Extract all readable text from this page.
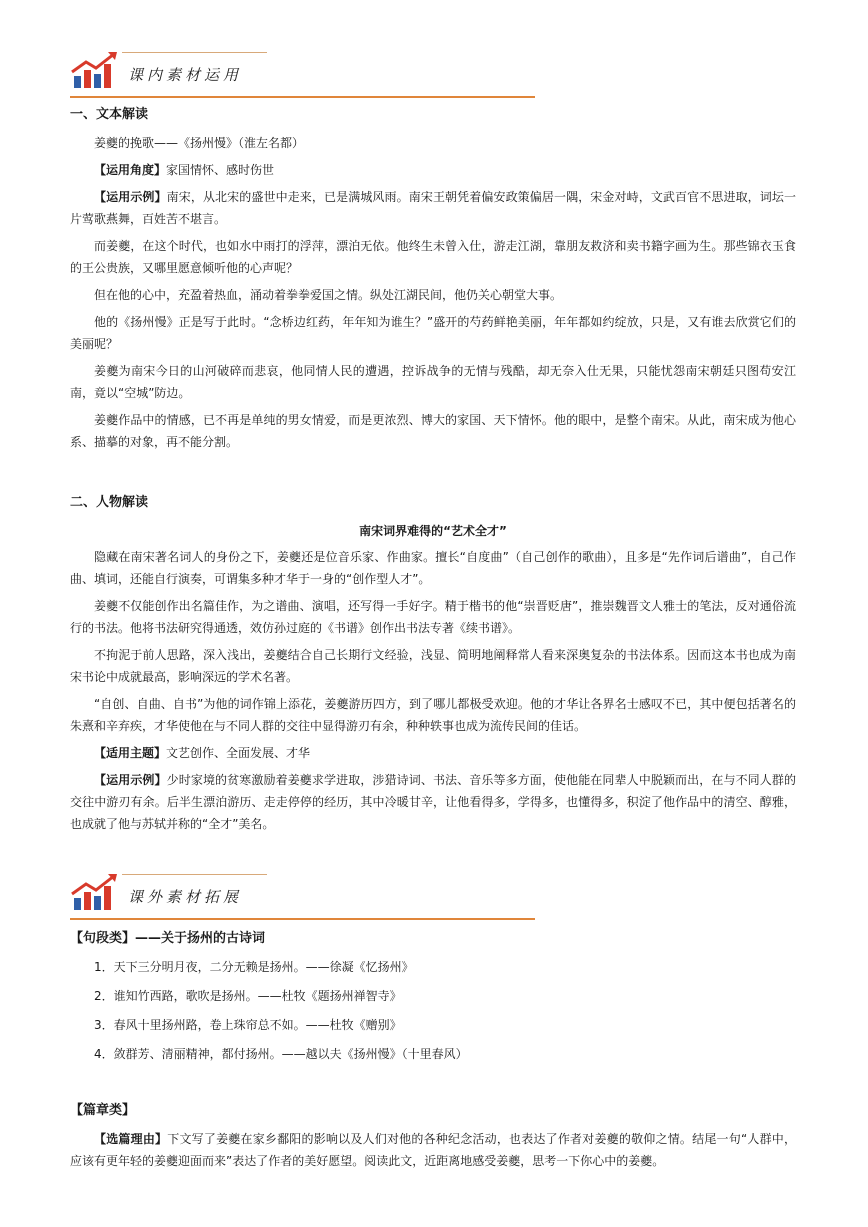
课内素材运用
一、文本解读

姜夔的挽歌——《扬州慢》（淮左名都）

【运用角度】家国情怀、感时伤世

【运用示例】南宋，从北宋的盛世中走来，已是满城风雨。南宋王朝凭着偏安政策偏居一隅，宋金对峙，文武百官不思进取，词坛一片莺歌燕舞，百姓苦不堪言。

而姜夔，在这个时代，也如水中雨打的浮萍，漂泊无依。他终生未曾入仕，游走江湖，靠朋友救济和卖书籍字画为生。那些锦衣玉食的王公贵族，又哪里愿意倾听他的心声呢？

但在他的心中，充盈着热血，涌动着拳拳爱国之情。纵处江湖民间，他仍关心朝堂大事。

他的《扬州慢》正是写于此时。“念桥边红药，年年知为谁生？”盛开的芍药鲜艳美丽，年年都如约绽放，只是，又有谁去欣赏它们的美丽呢？

姜夔为南宋今日的山河破碎而悲哀，他同情人民的遭遇，控诉战争的无情与残酷，却无奈入仕无果，只能忧怨南宋朝廷只图苟安江南，竟以“空城”防边。

姜夔作品中的情感，已不再是单纯的男女情爱，而是更浓烈、博大的家国、天下情怀。他的眼中，是整个南宋。从此，南宋成为他心系、描摹的对象，再不能分割。

二、人物解读
南宋词界难得的“艺术全才”

隐藏在南宋著名词人的身份之下，姜夔还是位音乐家、作曲家。擅长“自度曲”（自己创作的歌曲），且多是“先作词后谱曲”，自己作曲、填词，还能自行演奏，可谓集多种才华于一身的“创作型人才”。

姜夔不仅能创作出名篇佳作，为之谱曲、演唱，还写得一手好字。精于楷书的他“崇晋贬唐”，推崇魏晋文人雅士的笔法，反对通俗流行的书法。他将书法研究得通透，效仿孙过庭的《书谱》创作出书法专著《续书谱》。

不拘泥于前人思路，深入浅出，姜夔结合自己长期行文经验，浅显、简明地阐释常人看来深奥复杂的书法体系。因而这本书也成为南宋书论中成就最高，影响深远的学术名著。

“自创、自曲、自书”为他的词作锦上添花，姜夔游历四方，到了哪儿都极受欢迎。他的才华让各界名士感叹不已，其中便包括著名的朱熹和辛弃疾，才华使他在与不同人群的交往中显得游刃有余，种种轶事也成为流传民间的佳话。

【适用主题】文艺创作、全面发展、才华

【运用示例】少时家境的贫寒激励着姜夔求学进取，涉猎诗词、书法、音乐等多方面，使他能在同辈人中脱颖而出，在与不同人群的交往中游刃有余。后半生漂泊游历、走走停停的经历，其中冷暖甘辛，让他看得多，学得多，也懂得多，积淀了他作品中的清空、醇雅，也成就了他与苏轼并称的“全才”美名。

课外素材拓展
【句段类】——关于扬州的古诗词

1．天下三分明月夜，二分无赖是扬州。——徐凝《忆扬州》

2．谁知竹西路，歌吹是扬州。——杜牧《题扬州禅智寺》

3．春风十里扬州路，卷上珠帘总不如。——杜牧《赠别》

4．敛群芳、清丽精神，都付扬州。——越以夫《扬州慢》（十里春风）

【篇章类】

【选篇理由】下文写了姜夔在家乡鄱阳的影响以及人们对他的各种纪念活动，也表达了作者对姜夔的敬仰之情。结尾一句“人群中，应该有更年轻的姜夔迎面而来”表达了作者的美好愿望。阅读此文，近距离地感受姜夔，思考一下你心中的姜夔。
